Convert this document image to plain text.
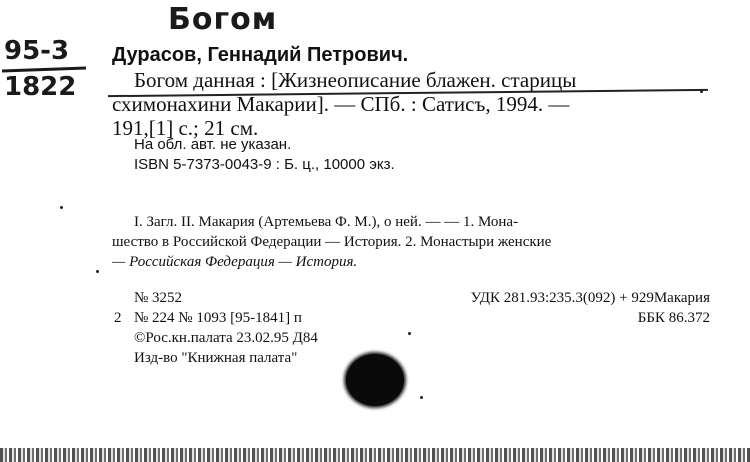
Богом
95-3
1822
Дурасов, Геннадий Петрович.
Богом данная : [Жизнеописание блажен. старицы
схимонахини Макарии]. — СПб. : Сатисъ, 1994. —
191,[1] с.; 21 см.
На обл. авт. не указан.
ISBN 5-7373-0043-9 : Б. ц., 10000 экз.
I. Загл. II. Макария (Артемьева Ф. М.), о ней. — — 1. Мона-
шество в Российской Федерации — История. 2. Монастыри женские
— Российская Федерация — История.
№ 3252
2 № 224 № 1093 [95-1841] п
©Рос.кн.палата 23.02.95 Д84
Изд-во "Книжная палата"
УДК 281.93:235.3(092) + 929Макария
ББК 86.372
